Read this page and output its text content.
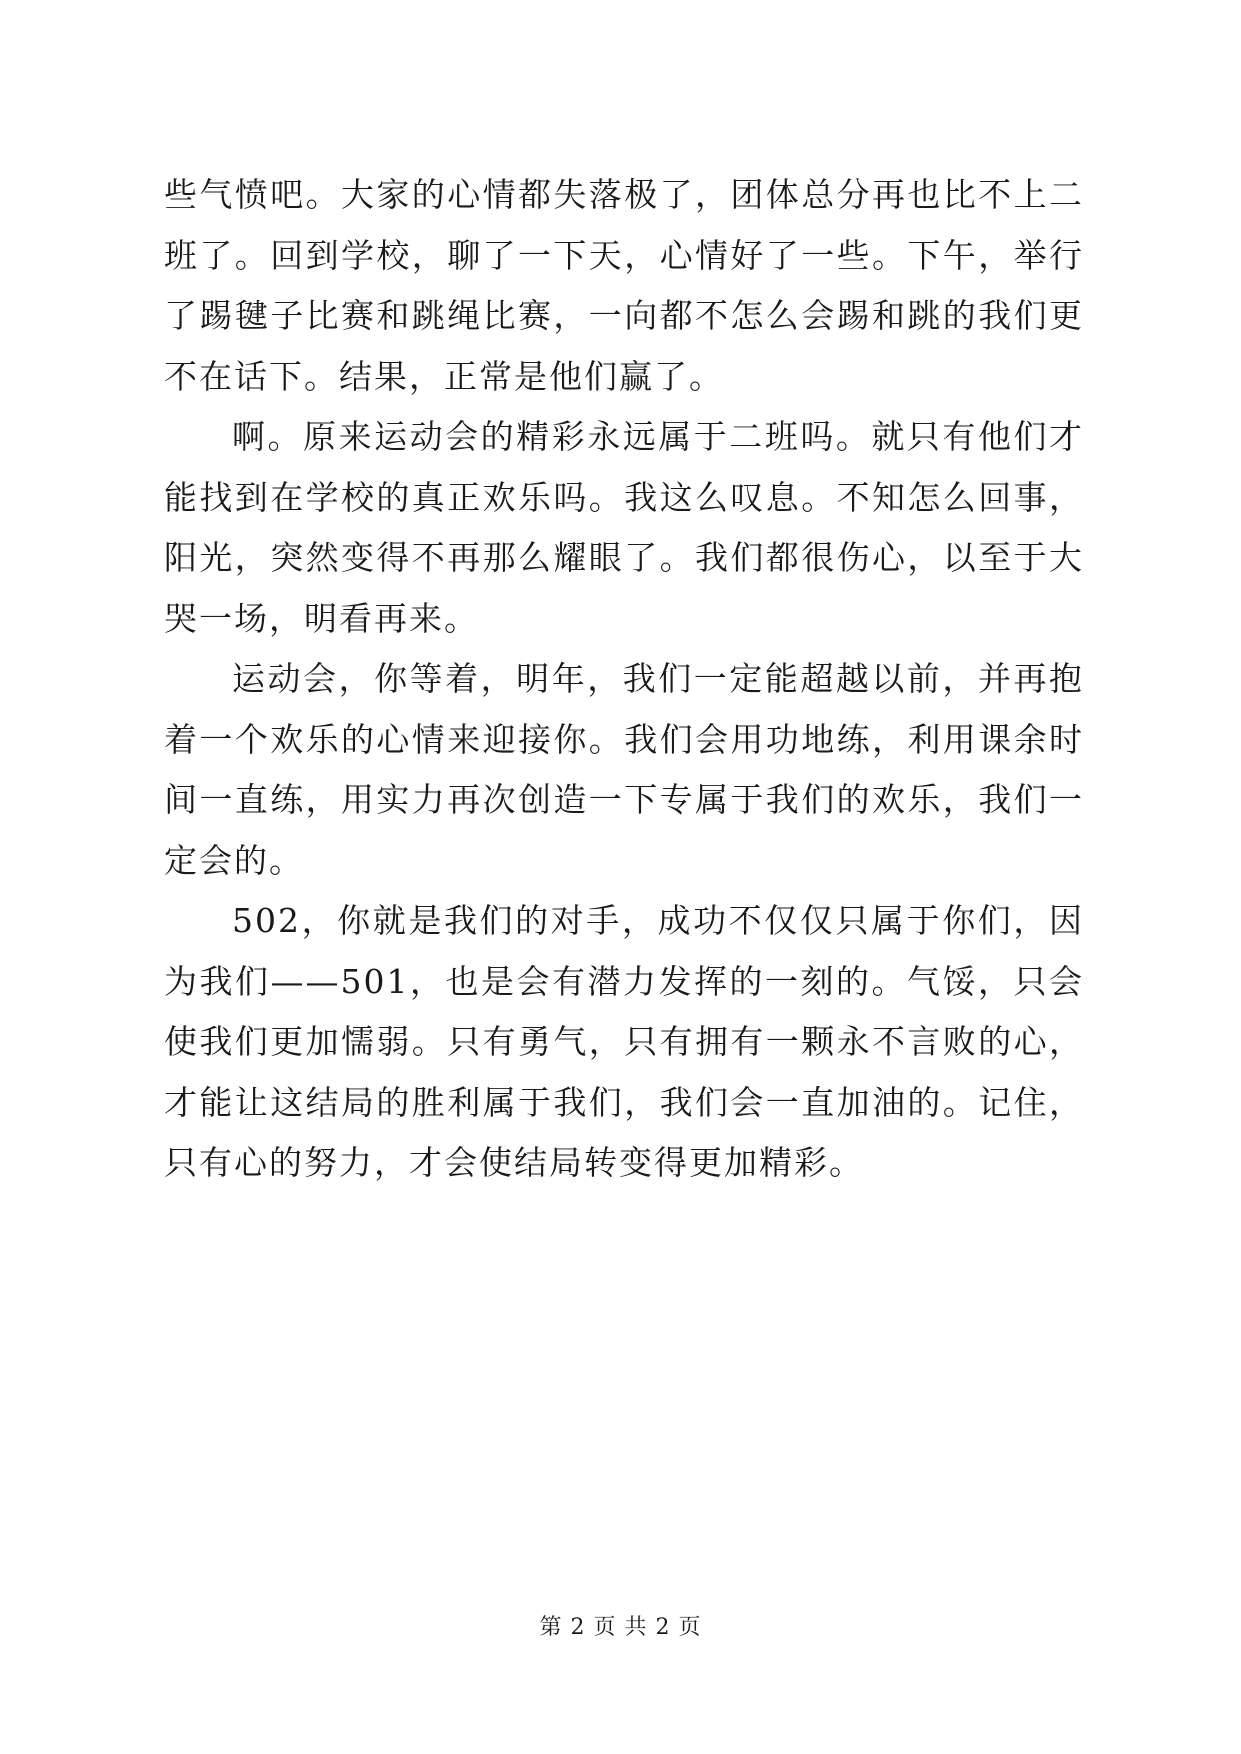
些气愤吧。大家的心情都失落极了，团体总分再也比不上二班了。回到学校，聊了一下天，心情好了一些。下午，举行了踢毽子比赛和跳绳比赛，一向都不怎么会踢和跳的我们更不在话下。结果，正常是他们赢了。

啊。原来运动会的精彩永远属于二班吗。就只有他们才能找到在学校的真正欢乐吗。我这么叹息。不知怎么回事，阳光，突然变得不再那么耀眼了。我们都很伤心，以至于大哭一场，明看再来。

运动会，你等着，明年，我们一定能超越以前，并再抱着一个欢乐的心情来迎接你。我们会用功地练，利用课余时间一直练，用实力再次创造一下专属于我们的欢乐，我们一定会的。

502，你就是我们的对手，成功不仅仅只属于你们，因为我们——501，也是会有潜力发挥的一刻的。气馁，只会使我们更加懦弱。只有勇气，只有拥有一颗永不言败的心，才能让这结局的胜利属于我们，我们会一直加油的。记住，只有心的努力，才会使结局转变得更加精彩。

第 2 页 共 2 页
